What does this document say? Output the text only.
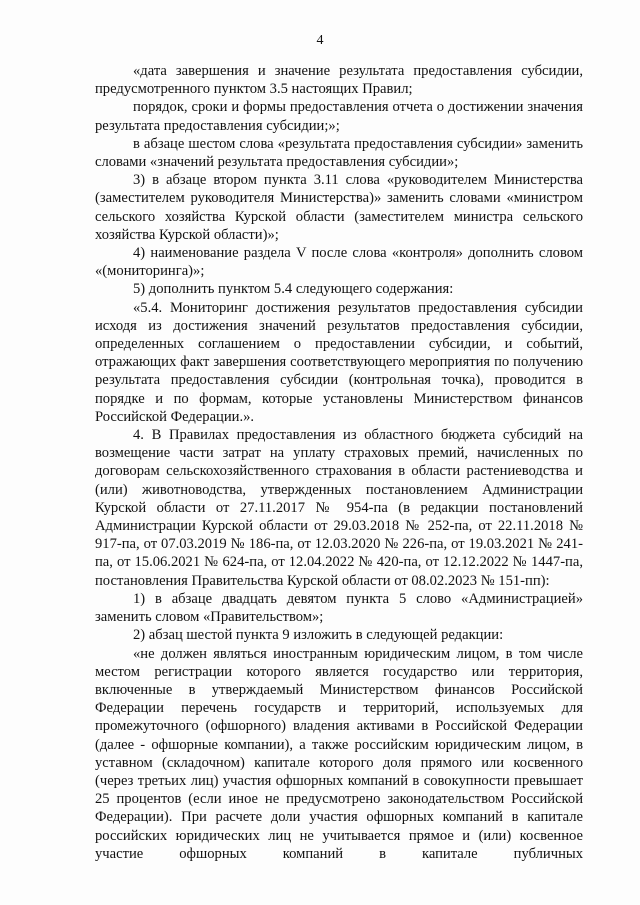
4

«дата завершения и значение результата предоставления субсидии, предусмотренного пунктом 3.5 настоящих Правил;

порядок, сроки и формы предоставления отчета о достижении значения результата предоставления субсидии;»;

в абзаце шестом слова «результата предоставления субсидии» заменить словами «значений результата предоставления субсидии»;

3) в абзаце втором пункта 3.11 слова «руководителем Министерства (заместителем руководителя Министерства)» заменить словами «министром сельского хозяйства Курской области (заместителем министра сельского хозяйства Курской области)»;

4) наименование раздела V после слова «контроля» дополнить словом «(мониторинга)»;

5) дополнить пунктом 5.4 следующего содержания:

«5.4. Мониторинг достижения результатов предоставления субсидии исходя из достижения значений результатов предоставления субсидии, определенных соглашением о предоставлении субсидии, и событий, отражающих факт завершения соответствующего мероприятия по получению результата предоставления субсидии (контрольная точка), проводится в порядке и по формам, которые установлены Министерством финансов Российской Федерации.».

4. В Правилах предоставления из областного бюджета субсидий на возмещение части затрат на уплату страховых премий, начисленных по договорам сельскохозяйственного страхования в области растениеводства и (или) животноводства, утвержденных постановлением Администрации Курской области от 27.11.2017 № 954-па (в редакции постановлений Администрации Курской области от 29.03.2018 № 252-па, от 22.11.2018 № 917-па, от 07.03.2019 № 186-па, от 12.03.2020 № 226-па, от 19.03.2021 № 241-па, от 15.06.2021 № 624-па, от 12.04.2022 № 420-па, от 12.12.2022 № 1447-па, постановления Правительства Курской области от 08.02.2023 № 151-пп):

1) в абзаце двадцать девятом пункта 5 слово «Администрацией» заменить словом «Правительством»;

2) абзац шестой пункта 9 изложить в следующей редакции:

«не должен являться иностранным юридическим лицом, в том числе местом регистрации которого является государство или территория, включенные в утверждаемый Министерством финансов Российской Федерации перечень государств и территорий, используемых для промежуточного (офшорного) владения активами в Российской Федерации (далее - офшорные компании), а также российским юридическим лицом, в уставном (складочном) капитале которого доля прямого или косвенного (через третьих лиц) участия офшорных компаний в совокупности превышает 25 процентов (если иное не предусмотрено законодательством Российской Федерации). При расчете доли участия офшорных компаний в капитале российских юридических лиц не учитывается прямое и (или) косвенное участие офшорных компаний в капитале публичных
